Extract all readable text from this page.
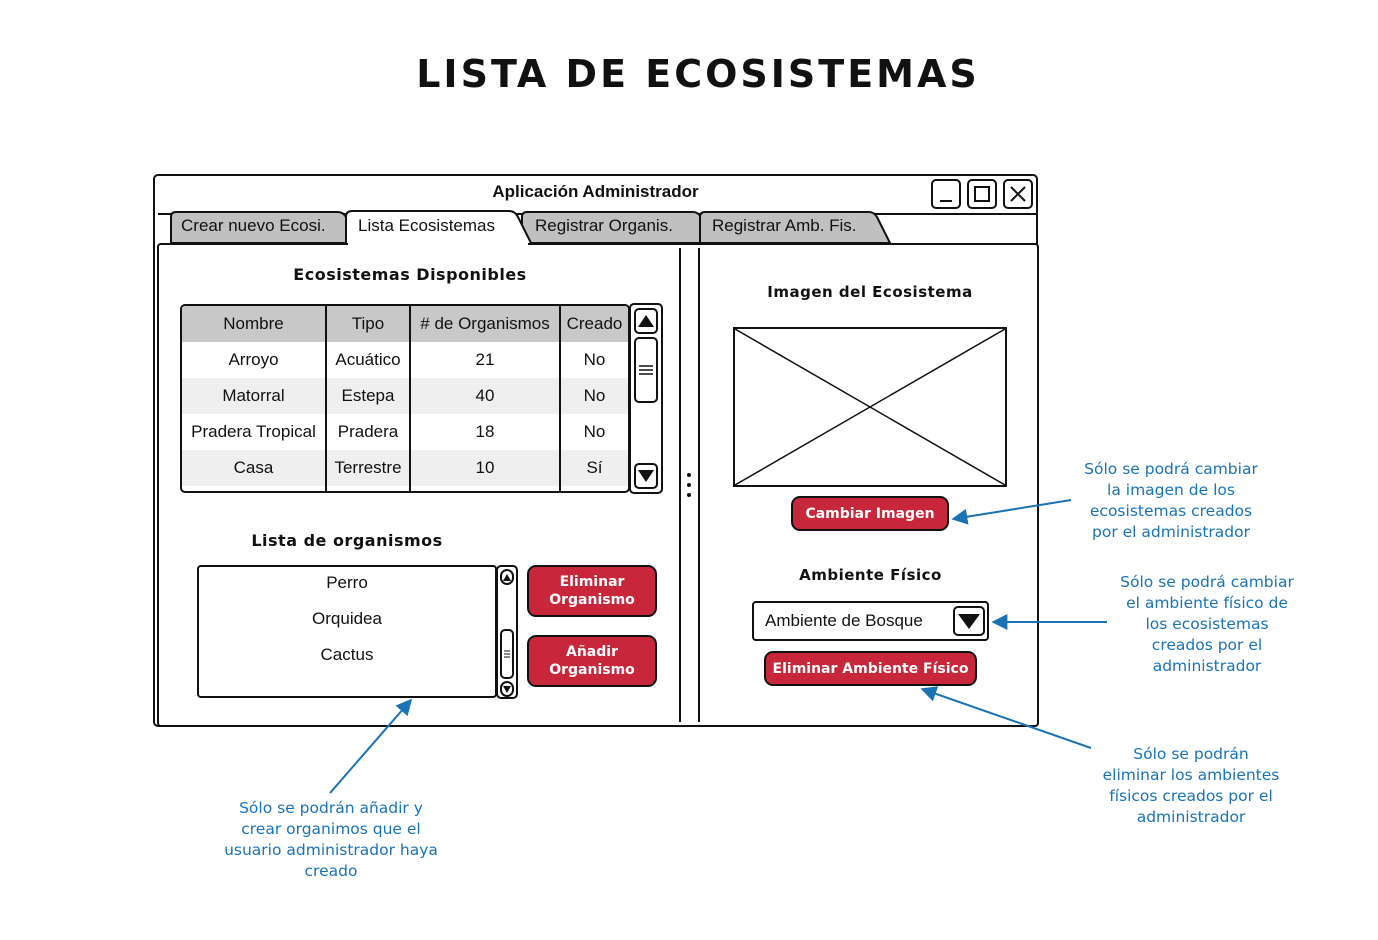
LISTA DE ECOSISTEMAS
Aplicación Administrador
Crear nuevo Ecosi. Lista Ecosistemas Registrar Organis. Registrar Amb. Fis.
Ecosistemas Disponibles
Nombre	Tipo	# de Organismos	Creado
Arroyo	Acuático	21	No
Matorral	Estepa	40	No
Pradera Tropical	Pradera	18	No
Casa	Terrestre	10	Sí

Lista de organismos
Perro
Orquidea
Cactus
Eliminar Organismo
Añadir Organismo
Imagen del Ecosistema
Cambiar Imagen
Ambiente Físico
Ambiente de Bosque
Eliminar Ambiente Físico
Sólo se podrá cambiar
la imagen de los
ecosistemas creados
por el administrador
Sólo se podrá cambiar
el ambiente físico de
los ecosistemas
creados por el
administrador
Sólo se podrán
eliminar los ambientes
físicos creados por el
administrador
Sólo se podrán añadir y
crear organimos que el
usuario administrador haya
creado
